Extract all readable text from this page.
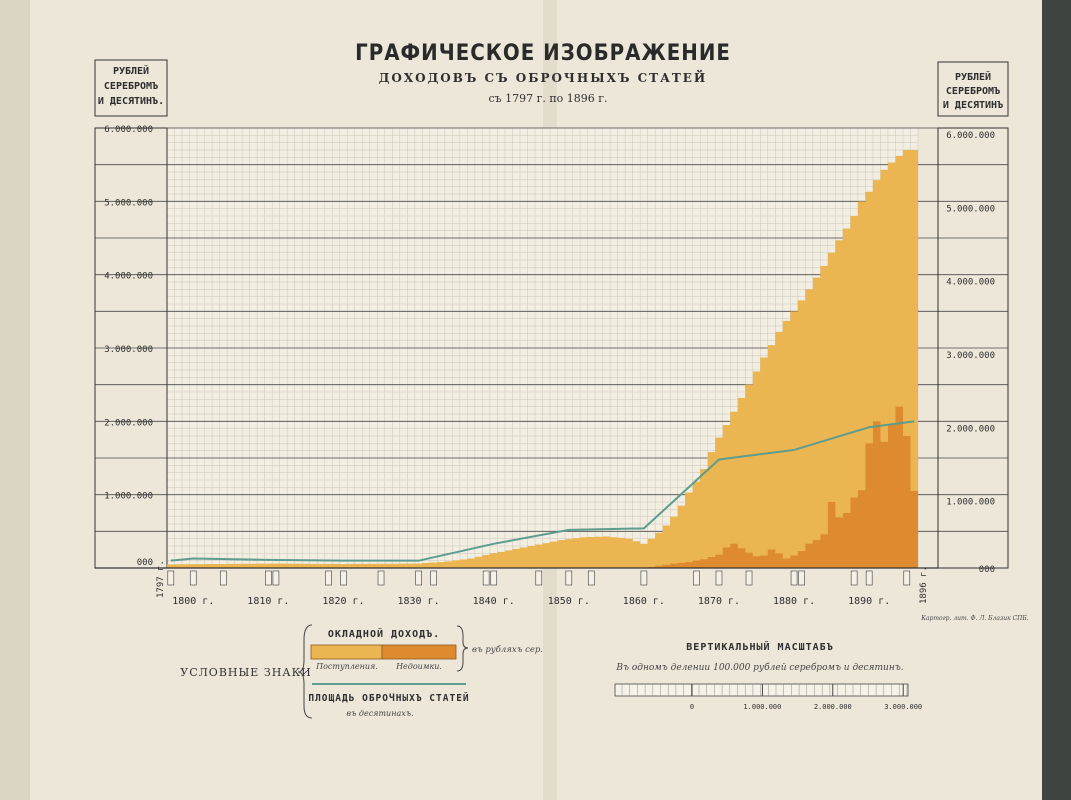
1800 г.	1810 г.	1820 г.	1830 г.	1840 г.	1850 г.	1860 г.	1870 г.	1880 г.	1890 г.
1797 г.	1896 г.
6.000.000
6.000.000
5.000.000
5.000.000
4.000.000
4.000.000
3.000.000
3.000.000
2.000.000
2.000.000
1.000.000
1.000.000
000
000
РУБЛЕЙ
СЕРЕБРОМЪ
И ДЕСЯТИНЪ.
РУБЛЕЙ
СЕРЕБРОМЪ
И ДЕСЯТИНЪ
ГРАФИЧЕСКОЕ ИЗОБРАЖЕНИЕ
ДОХОДОВЪ СЪ ОБРОЧНЫХЪ СТАТЕЙ
съ 1797 г. по 1896 г.
УСЛОВНЫЕ ЗНАКИ
ОКЛАДНОЙ ДОХОДЪ.
Поступления. Недоимки.
въ рубляхъ сер.
ПЛОЩАДЬ ОБРОЧНЫХЪ СТАТЕЙ
въ десятинахъ.
ВЕРТИКАЛЬНЫЙ МАСШТАБЪ
Въ одномъ делении 100.000 рублей серебромъ и десятинъ.
0	1.000.000	2.000.000	3.000.000
Картогр. лит. Ф. Л. Блазик СПБ.
